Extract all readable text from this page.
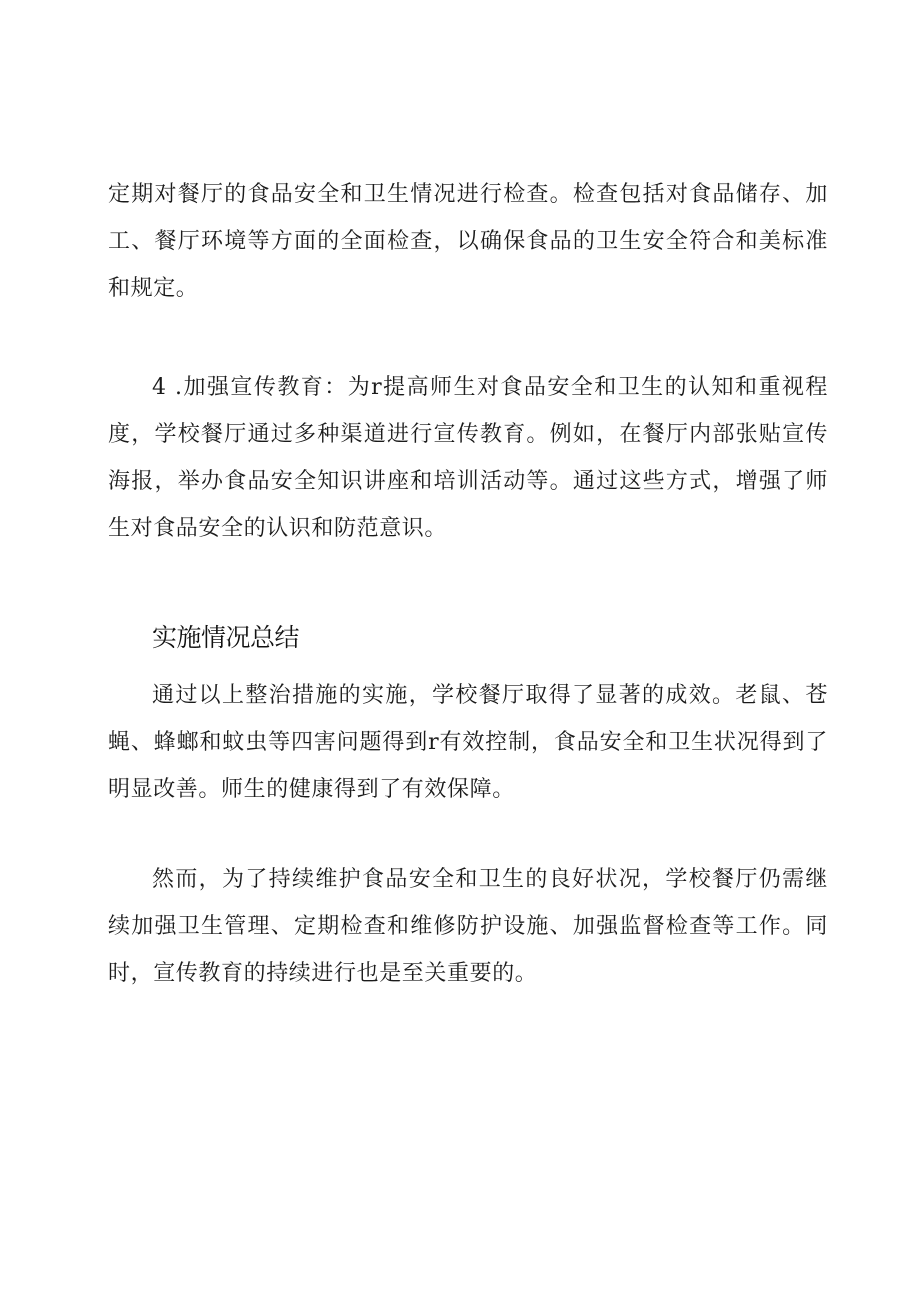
定期对餐厅的食品安全和卫生情况进行检查。检查包括对食品储存、加工、餐厅环境等方面的全面检查，以确保食品的卫生安全符合和美标准和规定。

4 .加强宣传教育：为r提高师生对食品安全和卫生的认知和重视程度，学校餐厅通过多种渠道进行宣传教育。例如，在餐厅内部张贴宣传海报，举办食品安全知识讲座和培训活动等。通过这些方式，增强了师生对食品安全的认识和防范意识。

实施情况总结

通过以上整治措施的实施，学校餐厅取得了显著的成效。老鼠、苍蝇、蜂螂和蚊虫等四害问题得到r有效控制，食品安全和卫生状况得到了明显改善。师生的健康得到了有效保障。

然而，为了持续维护食品安全和卫生的良好状况，学校餐厅仍需继续加强卫生管理、定期检查和维修防护设施、加强监督检查等工作。同时，宣传教育的持续进行也是至关重要的。
